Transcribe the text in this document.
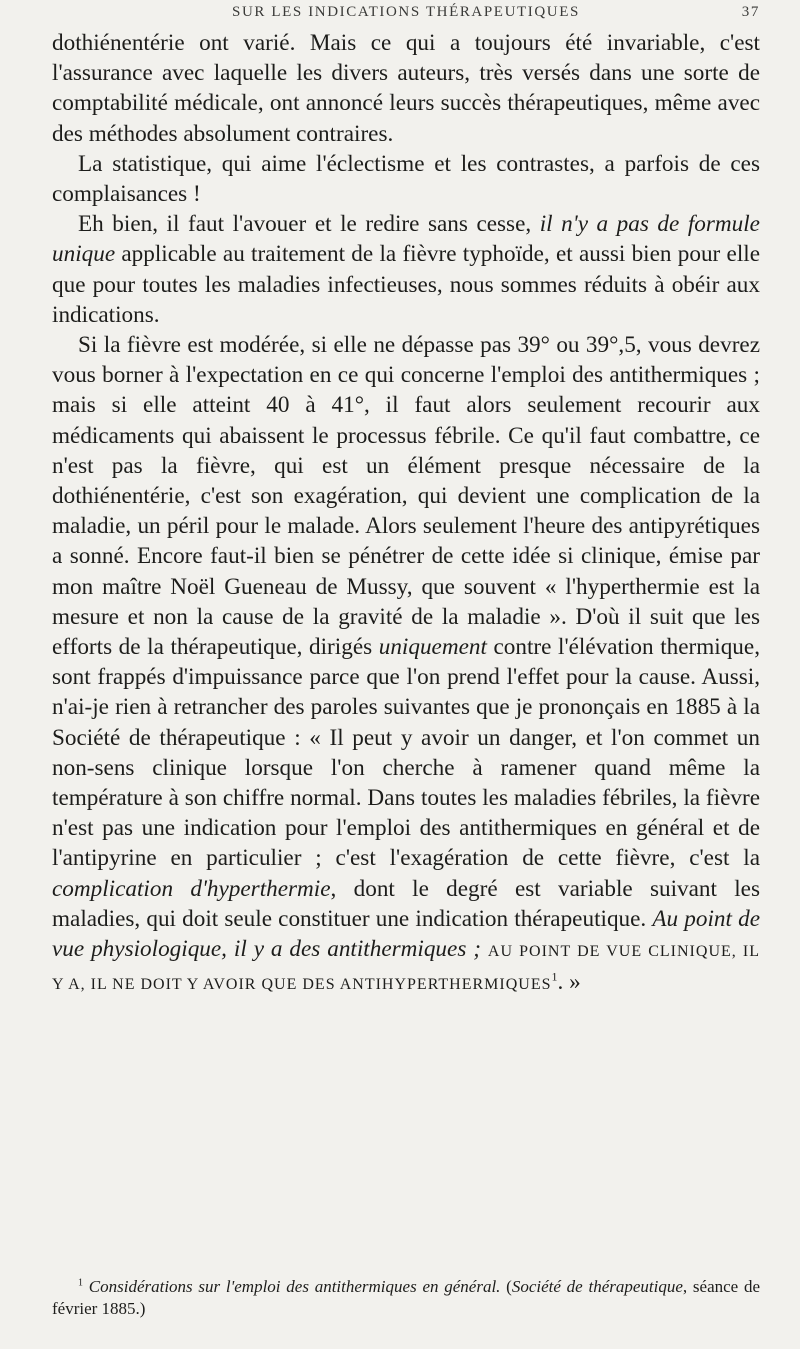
SUR LES INDICATIONS THÉRAPEUTIQUES	37

dothiénentérie ont varié. Mais ce qui a toujours été invariable, c'est l'assurance avec laquelle les divers auteurs, très versés dans une sorte de comptabilité médicale, ont annoncé leurs succès thérapeutiques, même avec des méthodes absolument contraires.

La statistique, qui aime l'éclectisme et les contrastes, a parfois de ces complaisances !

Eh bien, il faut l'avouer et le redire sans cesse, il n'y a pas de formule unique applicable au traitement de la fièvre typhoïde, et aussi bien pour elle que pour toutes les maladies infectieuses, nous sommes réduits à obéir aux indications.

Si la fièvre est modérée, si elle ne dépasse pas 39° ou 39°,5, vous devrez vous borner à l'expectation en ce qui concerne l'emploi des antithermiques ; mais si elle atteint 40 à 41°, il faut alors seulement recourir aux médicaments qui abaissent le processus fébrile. Ce qu'il faut combattre, ce n'est pas la fièvre, qui est un élément presque nécessaire de la dothiénentérie, c'est son exagération, qui devient une complication de la maladie, un péril pour le malade. Alors seulement l'heure des antipyrétiques a sonné. Encore faut-il bien se pénétrer de cette idée si clinique, émise par mon maître Noël Gueneau de Mussy, que souvent « l'hyperthermie est la mesure et non la cause de la gravité de la maladie ». D'où il suit que les efforts de la thérapeutique, dirigés uniquement contre l'élévation thermique, sont frappés d'impuissance parce que l'on prend l'effet pour la cause. Aussi, n'ai-je rien à retrancher des paroles suivantes que je prononçais en 1885 à la Société de thérapeutique : « Il peut y avoir un danger, et l'on commet un non-sens clinique lorsque l'on cherche à ramener quand même la température à son chiffre normal. Dans toutes les maladies fébriles, la fièvre n'est pas une indication pour l'emploi des antithermiques en général et de l'antipyrine en particulier ; c'est l'exagération de cette fièvre, c'est la complication d'hyperthermie, dont le degré est variable suivant les maladies, qui doit seule constituer une indication thérapeutique. Au point de vue physiologique, il y a des antithermiques ; AU POINT DE VUE CLINIQUE, IL Y A, IL NE DOIT Y AVOIR QUE DES ANTIHYPERTHERMIQUES$^1$. »

$^1$ Considérations sur l'emploi des antithermiques en général. (Société de thérapeutique, séance de février 1885.)
